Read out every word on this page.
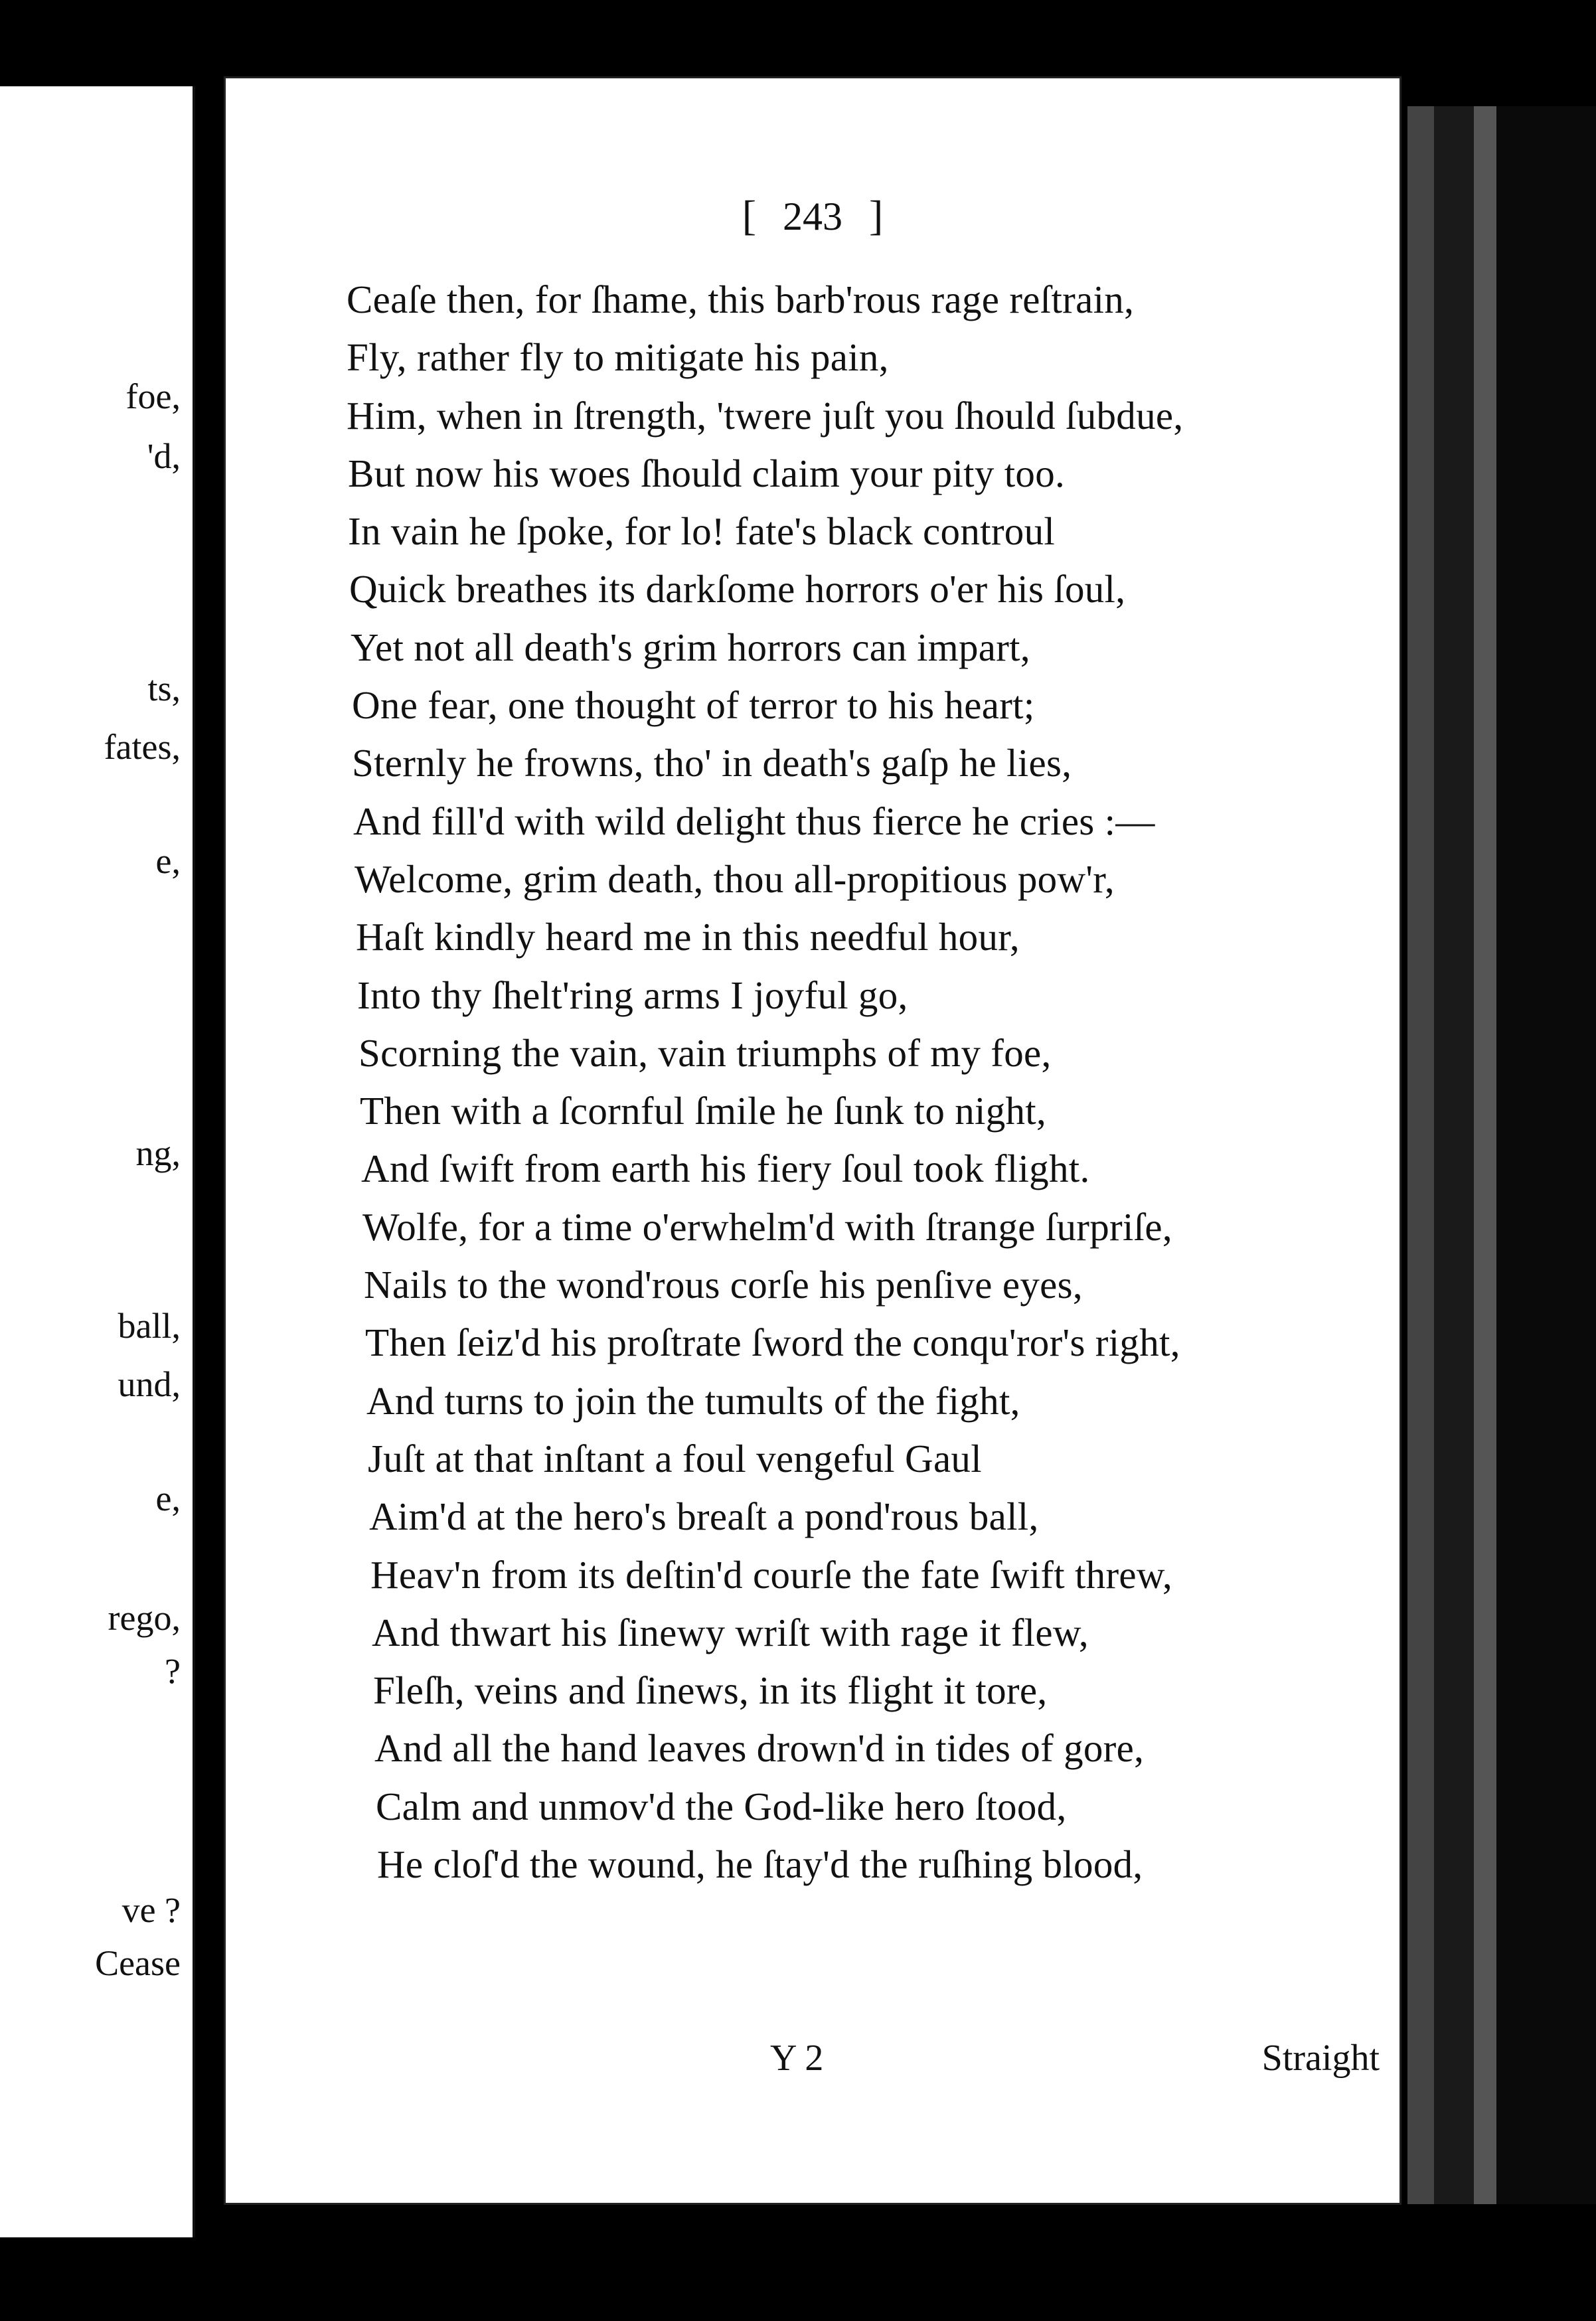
foe,
'd,
ts,
fates,
e,
ng,
ball,
und,
e,
rego,
?
ve ?
Cease
[ 243 ]
Ceaſe then, for ſhame, this barb'rous rage reſtrain,
Fly, rather fly to mitigate his pain,
Him, when in ſtrength, 'twere juſt you ſhould ſubdue,
But now his woes ſhould claim your pity too.
In vain he ſpoke, for lo! fate's black controul
Quick breathes its darkſome horrors o'er his ſoul,
Yet not all death's grim horrors can impart,
One fear, one thought of terror to his heart;
Sternly he frowns, tho' in death's gaſp he lies,
And fill'd with wild delight thus fierce he cries :—
Welcome, grim death, thou all-propitious pow'r,
Haſt kindly heard me in this needful hour,
Into thy ſhelt'ring arms I joyful go,
Scorning the vain, vain triumphs of my foe,
Then with a ſcornful ſmile he ſunk to night,
And ſwift from earth his fiery ſoul took flight.
Wolfe, for a time o'erwhelm'd with ſtrange ſurpriſe,
Nails to the wond'rous corſe his penſive eyes,
Then ſeiz'd his proſtrate ſword the conqu'ror's right,
And turns to join the tumults of the fight,
Juſt at that inſtant a foul vengeful Gaul
Aim'd at the hero's breaſt a pond'rous ball,
Heav'n from its deſtin'd courſe the fate ſwift threw,
And thwart his ſinewy wriſt with rage it flew,
Fleſh, veins and ſinews, in its flight it tore,
And all the hand leaves drown'd in tides of gore,
Calm and unmov'd the God-like hero ſtood,
He cloſ'd the wound, he ſtay'd the ruſhing blood,
Y 2	Straight
